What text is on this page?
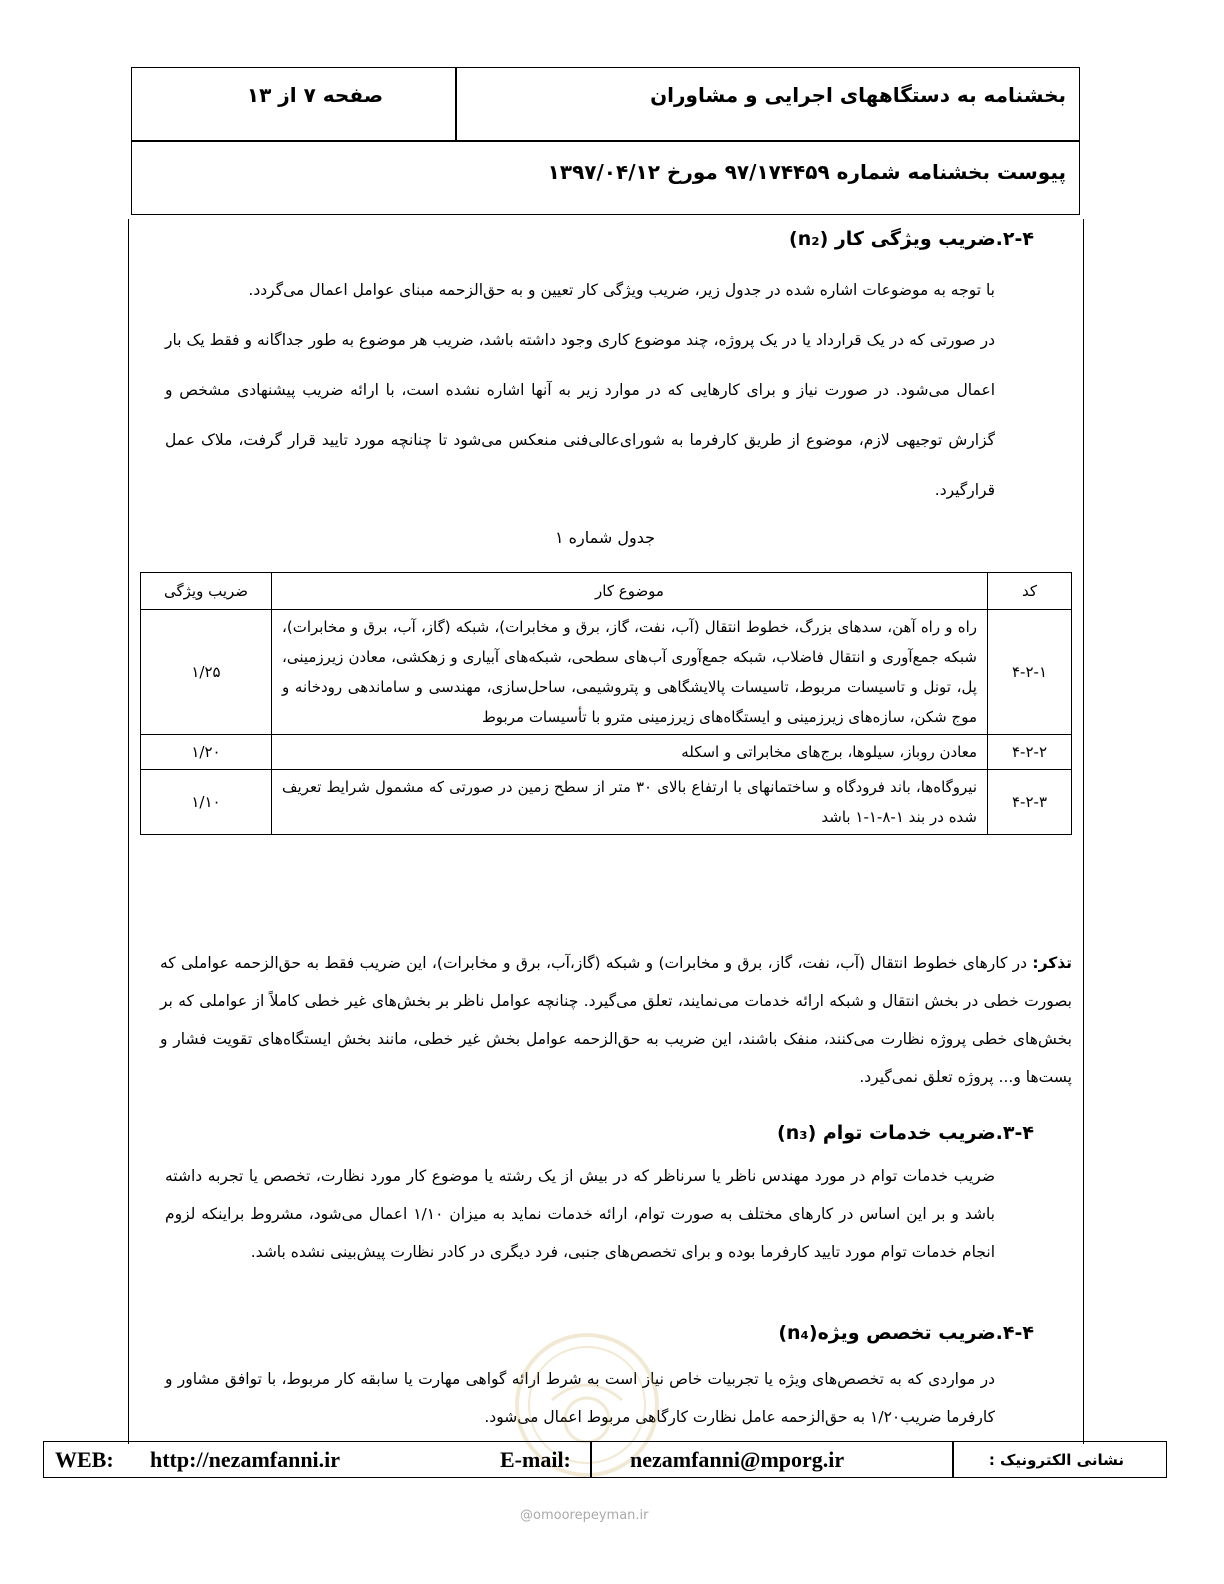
بخشنامه به دستگاههای اجرایی و مشاوران
صفحه ۷ از ۱۳
پیوست بخشنامه شماره ۹۷/۱۷۴۴۵۹ مورخ ۱۳۹۷/۰۴/۱۲
۲-۴.ضریب ویژگی کار (n₂)
با توجه به موضوعات اشاره شده در جدول زیر، ضریب ویژگی کار تعیین و به حق‌الزحمه مبنای عوامل اعمال می‌گردد.
در صورتی که در یک قرارداد یا در یک پروژه، چند موضوع کاری وجود داشته باشد، ضریب هر موضوع به طور جداگانه و فقط یک بار اعمال می‌شود. در صورت نیاز و برای کارهایی که در موارد زیر به آنها اشاره نشده است، با ارائه ضریب پیشنهادی مشخص و گزارش توجیهی لازم، موضوع از طریق کارفرما به شورای‌عالی‌فنی منعکس می‌شود تا چنانچه مورد تایید قرار گرفت، ملاک عمل قرارگیرد.
جدول شماره ۱
کد	موضوع کار	ضریب ویژگی
۴-۲-۱	راه و راه آهن، سدهای بزرگ، خطوط انتقال (آب، نفت، گاز، برق و مخابرات)، شبکه (گاز، آب، برق و مخابرات)، شبکه جمع‌آوری و انتقال فاضلاب، شبکه جمع‌آوری آب‌های سطحی، شبکه‌های آبیاری و زهکشی، معادن زیرزمینی، پل، تونل و تاسیسات مربوط، تاسیسات پالایشگاهی و پتروشیمی، ساحل‌سازی، مهندسی و ساماندهی رودخانه و موج شکن، سازه‌های زیرزمینی و ایستگاه‌های زیرزمینی مترو با تأسیسات مربوط	۱/۲۵
۴-۲-۲	معادن روباز، سیلوها، برج‌های مخابراتی و اسکله	۱/۲۰
۴-۲-۳	نیروگاه‌ها، باند فرودگاه و ساختمانهای با ارتفاع بالای ۳۰ متر از سطح زمین در صورتی که مشمول شرایط تعریف شده در بند ۱-۸-۱-۱ باشد	۱/۱۰
تذکر: در کارهای خطوط انتقال (آب، نفت، گاز، برق و مخابرات) و شبکه (گاز،آب، برق و مخابرات)، این ضریب فقط به حق‌الزحمه عواملی که بصورت خطی در بخش انتقال و شبکه ارائه خدمات می‌نمایند، تعلق می‌گیرد. چنانچه عوامل ناظر بر بخش‌های غیر خطی کاملاً از عواملی که بر بخش‌های خطی پروژه نظارت می‌کنند، منفک باشند، این ضریب به حق‌الزحمه عوامل بخش غیر خطی، مانند بخش ایستگاه‌های تقویت فشار و پست‌ها و... پروژه تعلق نمی‌گیرد.
۳-۴.ضریب خدمات توام (n₃)
ضریب خدمات توام در مورد مهندس ناظر یا سرناظر که در بیش از یک رشته یا موضوع کار مورد نظارت، تخصص یا تجربه داشته باشد و بر این اساس در کارهای مختلف به صورت توام، ارائه خدمات نماید به میزان ۱/۱۰ اعمال می‌شود، مشروط براینکه لزوم انجام خدمات توام مورد تایید کارفرما بوده و برای تخصص‌های جنبی، فرد دیگری در کادر نظارت پیش‌بینی نشده باشد.
۴-۴.ضریب تخصص ویژه(n₄)
در مواردی که به تخصص‌های ویژه یا تجربیات خاص نیاز است به شرط ارائه گواهی مهارت یا سابقه کار مربوط، با توافق مشاور و کارفرما ضریب۱/۲۰ به حق‌الزحمه عامل نظارت کارگاهی مربوط اعمال می‌شود.
@omoorepeyman.ir
WEB: http://nezamfanni.ir	E-mail:	nezamfanni@mporg.ir	نشانی الکترونیک :
